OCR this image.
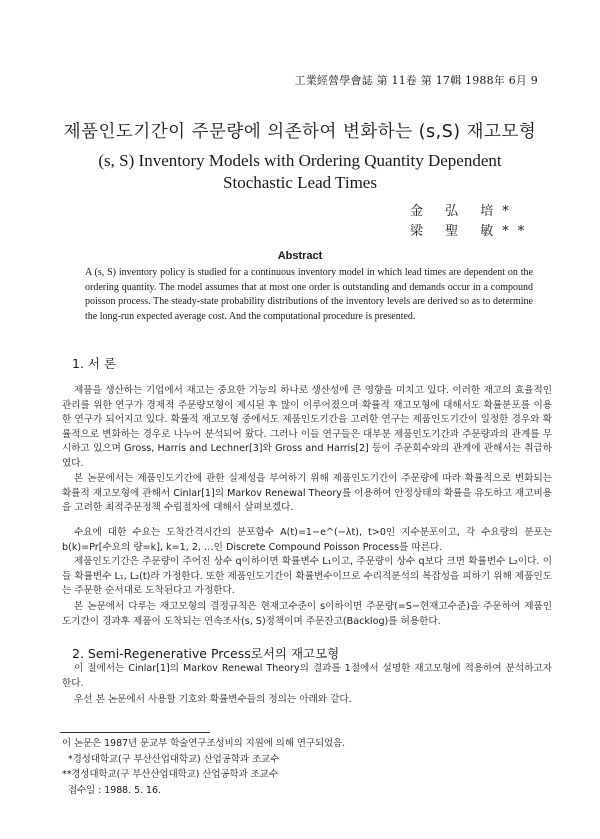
工業經營學會誌 第 11卷 第 17輯 1988年 6月 9
제품인도기간이 주문량에 의존하여 변화하는 (s,S) 재고모형
(s, S) Inventory Models with Ordering Quantity Dependent
Stochastic Lead Times
金 弘 培*
梁 聖 敏**
Abstract
A (s, S) inventory policy is studied for a continuous inventory model in which lead times are dependent on the ordering quantity. The model assumes that at most one order is outstanding and demands occur in a compound poisson process. The steady-state probability distributions of the inventory levels are derived so as to determine the long-run expected average cost. And the computational procedure is presented.
1. 서 론

제품을 생산하는 기업에서 재고는 중요한 기능의 하나로 생산성에 큰 영향을 미치고 있다. 이러한 재고의 효율적인 관리를 위한 연구가 경제적 주문량모형이 제시된 후 많이 이루어졌으며 확률적 재고모형에 대해서도 확률분포를 이용한 연구가 되어지고 있다. 확률적 재고모형 중에서도 제품인도기간을 고려한 연구는 제품인도기간이 일정한 경우와 확률적으로 변화하는 경우로 나누어 분석되어 왔다. 그러나 이들 연구들은 대부분 제품인도기간과 주문량과의 관계를 무시하고 있으며 Gross, Harris and Lechner[3]와 Gross and Harris[2] 등이 주문회수와의 관계에 관해서는 취급하였다.

본 논문에서는 제품인도기간에 관한 실제성을 부여하기 위해 제품인도기간이 주문량에 따라 확률적으로 변화되는 확률적 재고모형에 관해서 Cinlar[1]의 Markov Renewal Theory를 이용하여 안정상태의 확률을 유도하고 재고비용을 고려한 최적주문정책 수립절차에 대해서 살펴보겠다.

수요에 대한 수요는 도착간격시간의 분포함수 A(t)=1−e^(−λt), t>0인 지수분포이고, 각 수요량의 분포는 b(k)=Pr[수요의 량=k], k=1, 2, …인 Discrete Compound Poisson Process를 따른다.

제품인도기간은 주문량이 주어진 상수 q이하이면 확률변수 L₁이고, 주문량이 상수 q보다 크면 확률변수 L₂이다. 이들 확률변수 L₁, L₂(t)라 가정한다. 또한 제품인도기간이 확률변수이므로 수리적분석의 복잡성을 피하기 위해 제품인도는 주문한 순서대로 도착된다고 가정한다.

본 논문에서 다루는 재고모형의 결정규칙은 현재고수준이 s이하이면 주문량(=S−현재고수준)을 주문하여 제품인도기간이 경과후 제품이 도착되는 연속조사(s, S)정책이며 주문잔고(Backlog)를 허용한다.

2. Semi-Regenerative Prcess로서의 재고모형

이 절에서는 Cinlar[1]의 Markov Renewal Theory의 결과를 1절에서 설명한 재고모형에 적용하여 분석하고자 한다.

우선 본 논문에서 사용할 기호와 확률변수들의 정의는 아래와 같다.

이 논문은 1987년 문교부 학술연구조성비의 지원에 의해 연구되었음.
*경성대학교(구 부산산업대학교) 산업공학과 조교수
**경성대학교(구 부산산업대학교) 산업공학과 조교수
접수일 : 1988. 5. 16.
